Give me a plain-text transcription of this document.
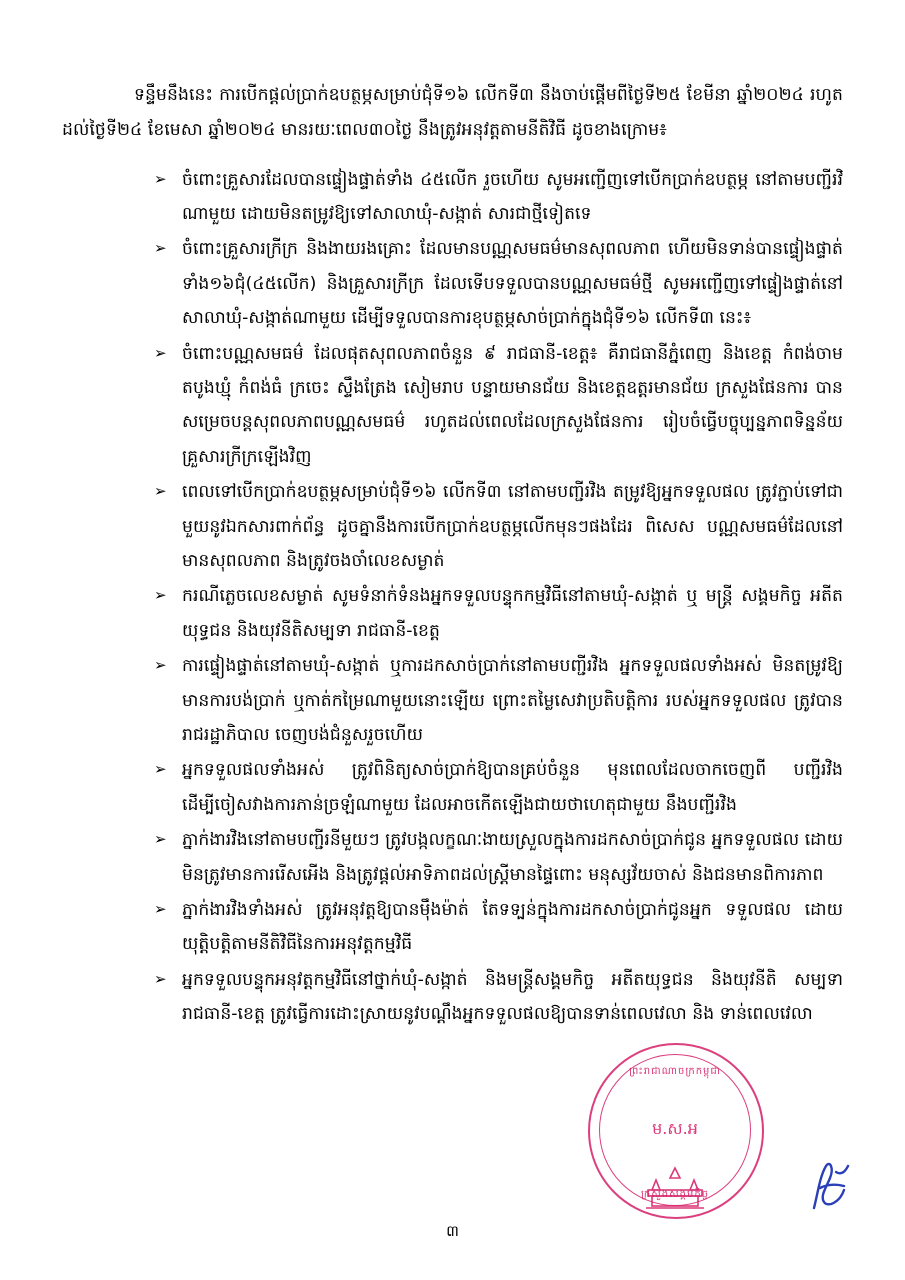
ទន្ទឹមនឹងនេះ ការបើកផ្តល់ប្រាក់ឧបត្ថម្ភសម្រាប់ជុំទី១៦ លើកទី៣ នឹងចាប់ផ្ដើមពីថ្ងៃទី២៥ ខែមីនា ឆ្នាំ២០២៤ រហូតដល់ថ្ងៃទី២៤ ខែមេសា ឆ្នាំ២០២៤ មានរយៈពេល៣០ថ្ងៃ នឹងត្រូវអនុវត្តតាមនីតិវិធី ដូចខាងក្រោម៖

➢ ចំពោះគ្រួសារដែលបានផ្ទៀងផ្ទាត់ទាំង ៤៥លើក រួចហើយ សូមអញ្ជើញទៅបើកប្រាក់ឧបត្ថម្ភ នៅតាមបញ្ជីរវិណាមួយ ដោយមិនតម្រូវឱ្យទៅសាលាឃុំ-សង្កាត់ សារជាថ្មីទៀតទេ
➢ ចំពោះគ្រួសារក្រីក្រ និងងាយរងគ្រោះ ដែលមានបណ្ណសមធម៌មានសុពលភាព ហើយមិនទាន់បានផ្ទៀងផ្ទាត់ទាំង១៦ជុំ(៤៥លើក) និងគ្រួសារក្រីក្រ ដែលទើបទទួលបានបណ្ណសមធម៌ថ្មី សូមអញ្ជើញទៅផ្ទៀងផ្ទាត់នៅសាលាឃុំ-សង្កាត់ណាមួយ ដើម្បីទទួលបានការខុបត្ថម្ភសាច់ប្រាក់ក្នុងជុំទី១៦ លើកទី៣ នេះ៖
➢ ចំពោះបណ្ណសមធម៌ ដែលផុតសុពលភាពចំនួន ៩ រាជធានី-ខេត្ត៖ គឺរាជធានីភ្នំពេញ និងខេត្ត កំពង់ចាម តបូងឃ្មុំ កំពង់ធំ ក្រចេះ ស្ទឹងត្រែង សៀមរាប បន្ទាយមានជ័យ និងខេត្តឧត្តរមានជ័យ ក្រសួងផែនការ បានសម្រេចបន្តសុពលភាពបណ្ណសមធម៌ រហូតដល់ពេលដែលក្រសួងផែនការ រៀបចំធ្វើបច្ចុប្បន្នភាពទិន្នន័យគ្រួសារក្រីក្រឡើងវិញ
➢ ពេលទៅបើកប្រាក់ឧបត្ថម្ភសម្រាប់ជុំទី១៦ លើកទី៣ នៅតាមបញ្ជីរវិង តម្រូវឱ្យអ្នកទទួលផល ត្រូវភ្ជាប់ទៅជាមួយនូវឯកសារពាក់ព័ន្ធ ដូចគ្នានឹងការបើកប្រាក់ឧបត្ថម្ភលើកមុនៗផងដែរ ពិសេស បណ្ណសមធម៌ដែលនៅមានសុពលភាព និងត្រូវចងចាំលេខសម្ងាត់
➢ ករណីភ្លេចលេខសម្ងាត់ សូមទំនាក់ទំនងអ្នកទទួលបន្ទុកកម្មវិធីនៅតាមឃុំ-សង្កាត់ ឬ មន្ត្រី សង្គមកិច្ច អតីតយុទ្ធជន និងយុវនីតិសម្បទា រាជធានី-ខេត្ត
➢ ការផ្ទៀងផ្ទាត់នៅតាមឃុំ-សង្កាត់ ឬការដកសាច់ប្រាក់នៅតាមបញ្ជីរវិង អ្នកទទួលផលទាំងអស់ មិនតម្រូវឱ្យមានការបង់ប្រាក់ ឬកាត់កម្រៃណាមួយនោះឡើយ ព្រោះតម្លៃសេវាប្រតិបត្តិការ របស់អ្នកទទួលផល ត្រូវបានរាជរដ្ឋាភិបាល ចេញបង់ជំនួសរួចហើយ
➢ អ្នកទទួលផលទាំងអស់ ត្រូវពិនិត្យសាច់ប្រាក់ឱ្យបានគ្រប់ចំនួន មុនពេលដែលចាកចេញពី បញ្ជីរវិង ដើម្បីចៀសវាងការភាន់ច្រឡំណាមួយ ដែលអាចកើតឡើងជាយថាហេតុជាមួយ នឹងបញ្ជីរវិង
➢ ភ្នាក់ងារវិងនៅតាមបញ្ជីរនីមួយៗ ត្រូវបង្កលក្ខណៈងាយស្រួលក្នុងការដកសាច់ប្រាក់ជូន អ្នកទទួលផល ដោយមិនត្រូវមានការរើសអើង និងត្រូវផ្ដល់អាទិភាពដល់ស្ត្រីមានផ្ទៃពោះ មនុស្សវ័យចាស់ និងជនមានពិការភាព
➢ ភ្នាក់ងារវិងទាំងអស់ ត្រូវអនុវត្តឱ្យបានម៉ឹងម៉ាត់ តែទទ្បន់ក្នុងការដកសាច់ប្រាក់ជូនអ្នក ទទួលផល ដោយយុត្តិបត្តិតាមនីតិវិធីនៃការអនុវត្តកម្មវិធី
➢ អ្នកទទួលបន្ទុកអនុវត្តកម្មវិធីនៅថ្នាក់ឃុំ-សង្កាត់ និងមន្ត្រីសង្គមកិច្ច អតីតយុទ្ធជន និងយុវនីតិ សម្បទា រាជធានី-ខេត្ត ត្រូវធ្វើការដោះស្រាយនូវបណ្ដឹងអ្នកទទួលផលឱ្យបានទាន់ពេលវេលា និង ទាន់ពេលវេលា
ព្រះរាជាណាចក្រកម្ពុជា
ក្រសួងសង្គមកិច្ច
ម.ស.អ
៣
